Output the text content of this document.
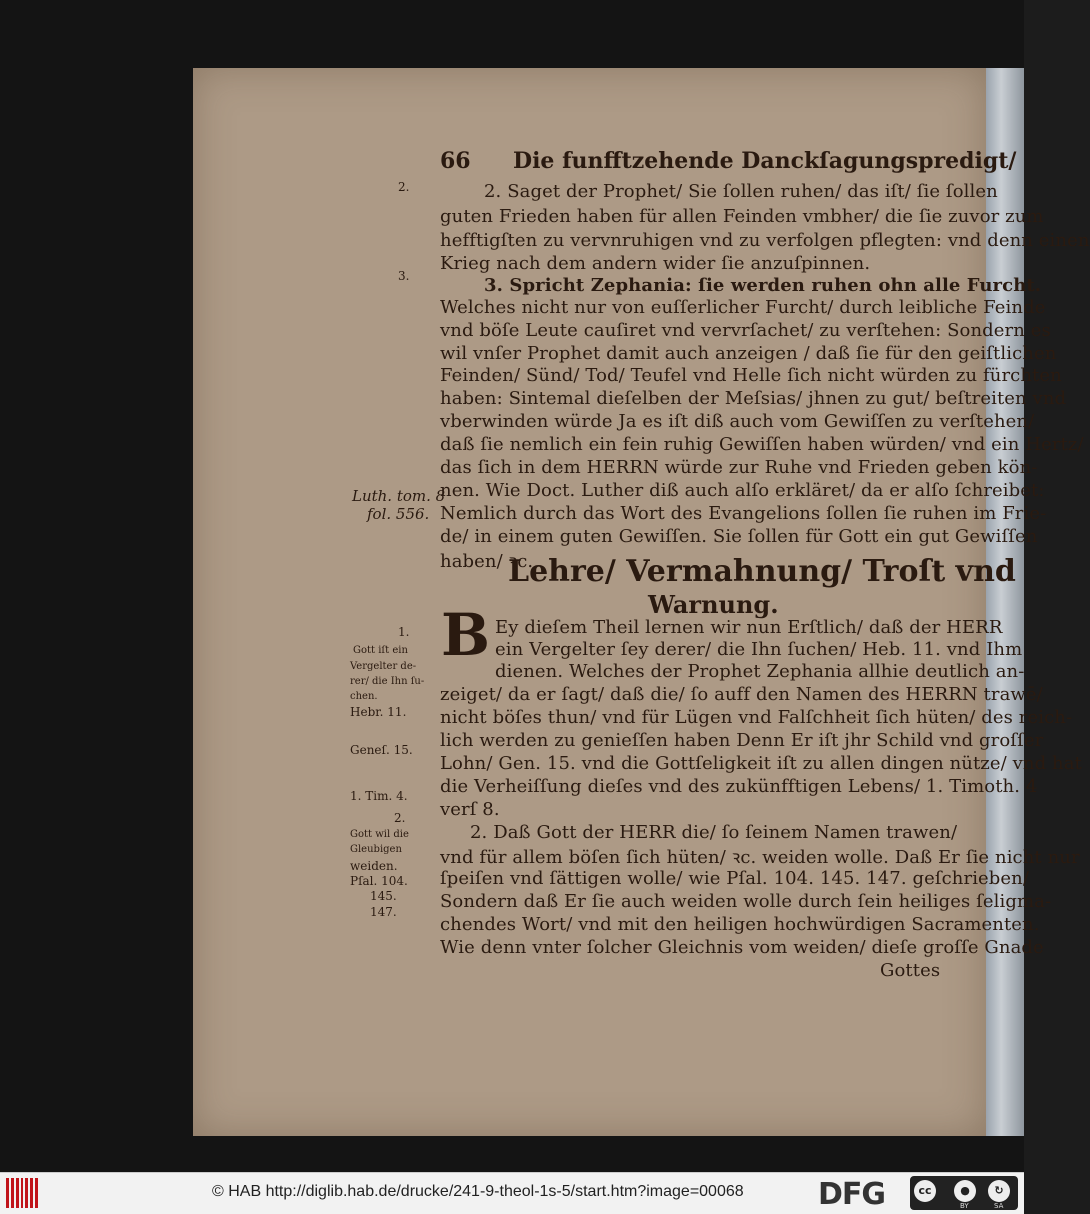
66 Die funfftzehende Danckſagungspredigt/
2.
3.
Luth. tom. 8
fol. 556.
1.
Gott iſt ein
Vergelter de-
rer/ die Ihn ſu-
chen.
Hebr. 11.
Geneſ. 15.
1. Tim. 4.
2.
Gott wil die
Gleubigen
weiden.
Pſal. 104.
145.
147.
2. Saget der Prophet/ Sie ſollen ruhen/ das iſt/ ſie ſollen
guten Frieden haben für allen Feinden vmbher/ die ſie zuvor zum
hefftigſten zu vervnruhigen vnd zu verfolgen pflegten: vnd denn einen
Krieg nach dem andern wider ſie anzuſpinnen.
3. Spricht Zephania: ſie werden ruhen ohn alle Furcht.
Welches nicht nur von euſſerlicher Furcht/ durch leibliche Feinde
vnd böſe Leute cauſiret vnd vervrſachet/ zu verſtehen: Sondern es
wil vnſer Prophet damit auch anzeigen / daß ſie für den geiſtlichen
Feinden/ Sünd/ Tod/ Teufel vnd Helle ſich nicht würden zu fürchten
haben: Sintemal dieſelben der Meſsias/ jhnen zu gut/ beſtreiten vnd
vberwinden würde Ja es iſt diß auch vom Gewiſſen zu verſtehen/
daß ſie nemlich ein fein ruhig Gewiſſen haben würden/ vnd ein Hertz/
das ſich in dem HERRN würde zur Ruhe vnd Frieden geben kön-
nen. Wie Doct. Luther diß auch alſo erkläret/ da er alſo ſchreibet:
Nemlich durch das Wort des Evangelions ſollen ſie ruhen im Frie-
de/ in einem guten Gewiſſen. Sie ſollen für Gott ein gut Gewiſſen
haben/ ꝛc.
Lehre/ Vermahnung/ Troſt vnd
Warnung.
B Ey dieſem Theil lernen wir nun Erſtlich/ daß der HERR
ein Vergelter ſey derer/ die Ihn ſuchen/ Heb. 11. vnd Ihm
dienen. Welches der Prophet Zephania allhie deutlich an-
zeiget/ da er ſagt/ daß die/ ſo auff den Namen des HERRN trawē/
nicht böſes thun/ vnd für Lügen vnd Falſchheit ſich hüten/ des reich-
lich werden zu genieſſen haben Denn Er iſt jhr Schild vnd groſſer
Lohn/ Gen. 15. vnd die Gottſeligkeit iſt zu allen dingen nütze/ vnd hat
die Verheiſſung dieſes vnd des zukünfftigen Lebens/ 1. Timoth. 4
verſ 8.
2. Daß Gott der HERR die/ ſo ſeinem Namen trawen/
vnd für allem böſen ſich hüten/ ꝛc. weiden wolle. Daß Er ſie nicht nur
ſpeiſen vnd ſättigen wolle/ wie Pſal. 104. 145. 147. geſchrieben/
Sondern daß Er ſie auch weiden wolle durch ſein heiliges ſeligma-
chendes Wort/ vnd mit den heiligen hochwürdigen Sacramenten.
Wie denn vnter ſolcher Gleichnis vom weiden/ dieſe groſſe Gnade
Gottes
© HAB http://diglib.hab.de/drucke/241-9-theol-1s-5/start.htm?image=00068 DFG	cc	●	↻
BY	SA
